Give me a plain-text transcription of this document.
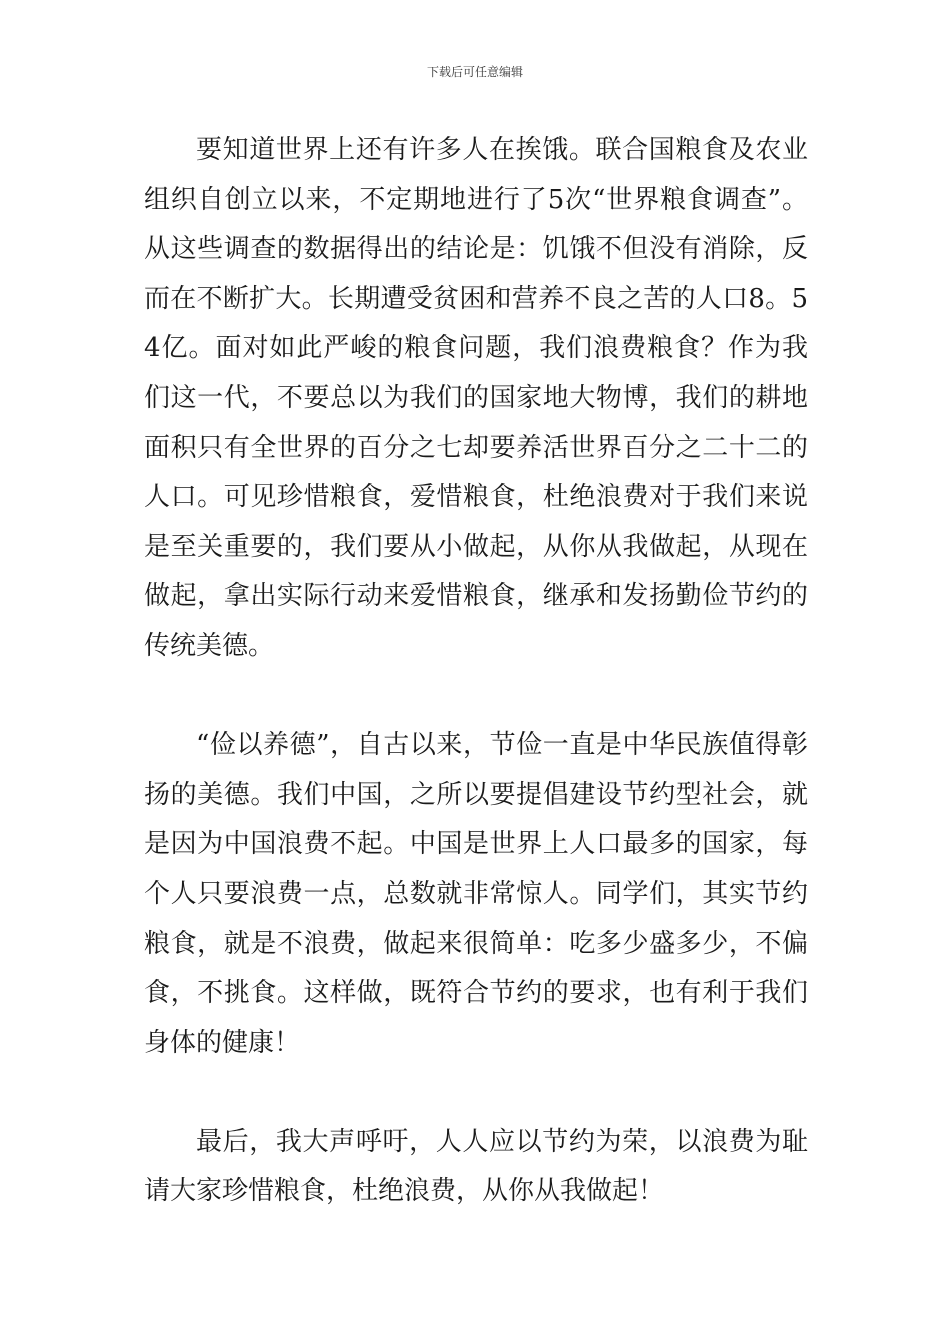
下载后可任意编辑

要知道世界上还有许多人在挨饿。联合国粮食及农业组织自创立以来，不定期地进行了5次“世界粮食调查”。从这些调查的数据得出的结论是：饥饿不但没有消除，反而在不断扩大。长期遭受贫困和营养不良之苦的人口8。54亿。面对如此严峻的粮食问题，我们浪费粮食？作为我们这一代，不要总以为我们的国家地大物博，我们的耕地面积只有全世界的百分之七却要养活世界百分之二十二的人口。可见珍惜粮食，爱惜粮食，杜绝浪费对于我们来说是至关重要的，我们要从小做起，从你从我做起，从现在做起，拿出实际行动来爱惜粮食，继承和发扬勤俭节约的传统美德。

“俭以养德”，自古以来，节俭一直是中华民族值得彰扬的美德。我们中国，之所以要提倡建设节约型社会，就是因为中国浪费不起。中国是世界上人口最多的国家，每个人只要浪费一点，总数就非常惊人。同学们，其实节约粮食，就是不浪费，做起来很简单：吃多少盛多少，不偏食，不挑食。这样做，既符合节约的要求，也有利于我们身体的健康！

最后，我大声呼吁，人人应以节约为荣，以浪费为耻请大家珍惜粮食，杜绝浪费，从你从我做起！
